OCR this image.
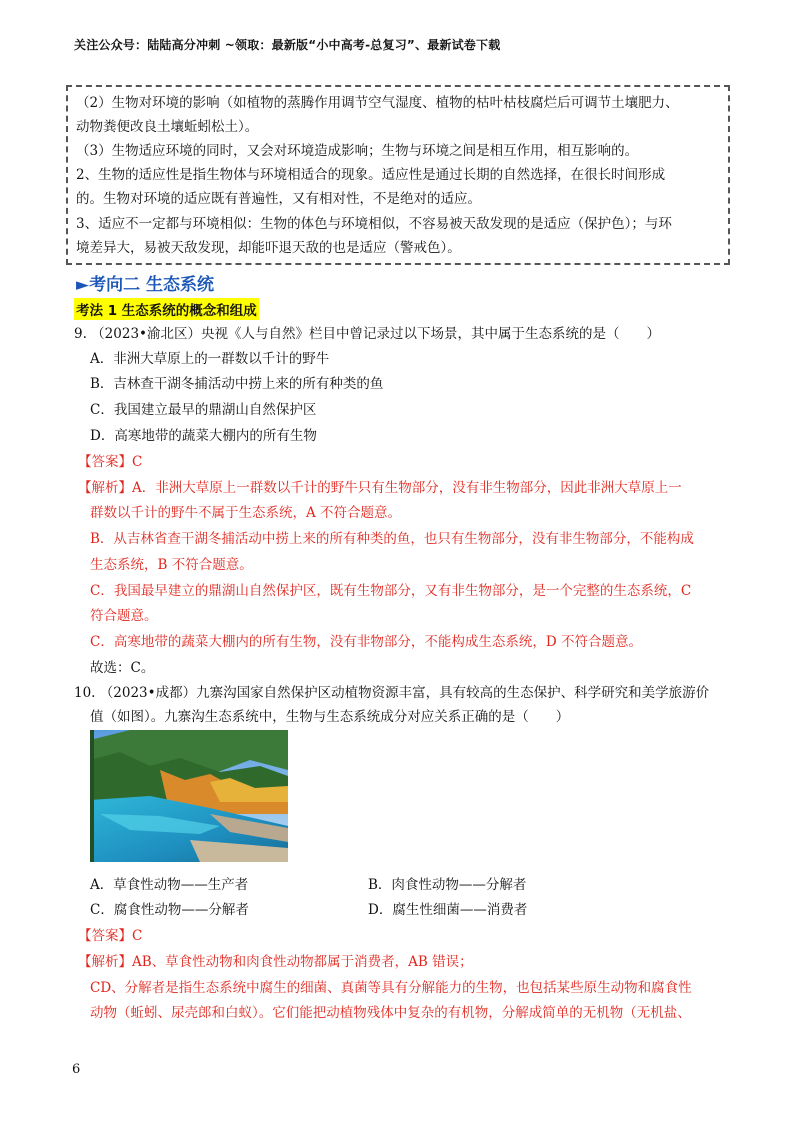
关注公众号：陆陆高分冲刺 ~领取：最新版“小中高考-总复习”、最新试卷下载
（2）生物对环境的影响（如植物的蒸腾作用调节空气湿度、植物的枯叶枯枝腐烂后可调节土壤肥力、
动物粪便改良土壤蚯蚓松土）。
（3）生物适应环境的同时，又会对环境造成影响；生物与环境之间是相互作用，相互影响的。
2、生物的适应性是指生物体与环境相适合的现象。适应性是通过长期的自然选择，在很长时间形成
的。生物对环境的适应既有普遍性，又有相对性，不是绝对的适应。
3、适应不一定都与环境相似：生物的体色与环境相似，不容易被天敌发现的是适应（保护色）；与环
境差异大，易被天敌发现，却能吓退天敌的也是适应（警戒色）。
►考向二 生态系统
考法 1 生态系统的概念和组成
9. （2023•渝北区）央视《人与自然》栏目中曾记录过以下场景，其中属于生态系统的是（　　）
A．非洲大草原上的一群数以千计的野牛
B．吉林查干湖冬捕活动中捞上来的所有种类的鱼
C．我国建立最早的鼎湖山自然保护区
D．高寒地带的蔬菜大棚内的所有生物
【答案】C
【解析】A．非洲大草原上一群数以千计的野牛只有生物部分，没有非生物部分，因此非洲大草原上一
群数以千计的野牛不属于生态系统，A 不符合题意。
B．从吉林省查干湖冬捕活动中捞上来的所有种类的鱼，也只有生物部分，没有非生物部分，不能构成
生态系统，B 不符合题意。
C．我国最早建立的鼎湖山自然保护区，既有生物部分，又有非生物部分，是一个完整的生态系统，C
符合题意。
C．高寒地带的蔬菜大棚内的所有生物，没有非物部分，不能构成生态系统，D 不符合题意。
故选：C。
10. （2023•成都）九寨沟国家自然保护区动植物资源丰富，具有较高的生态保护、科学研究和美学旅游价
值（如图）。九寨沟生态系统中，生物与生态系统成分对应关系正确的是（　　）
A．草食性动物——生产者	B．肉食性动物——分解者
C．腐食性动物——分解者	D．腐生性细菌——消费者
【答案】C
【解析】AB、草食性动物和肉食性动物都属于消费者，AB 错误；
CD、分解者是指生态系统中腐生的细菌、真菌等具有分解能力的生物，也包括某些原生动物和腐食性
动物（蚯蚓、尿壳郎和白蚁）。它们能把动植物残体中复杂的有机物，分解成简单的无机物（无机盐、
6
